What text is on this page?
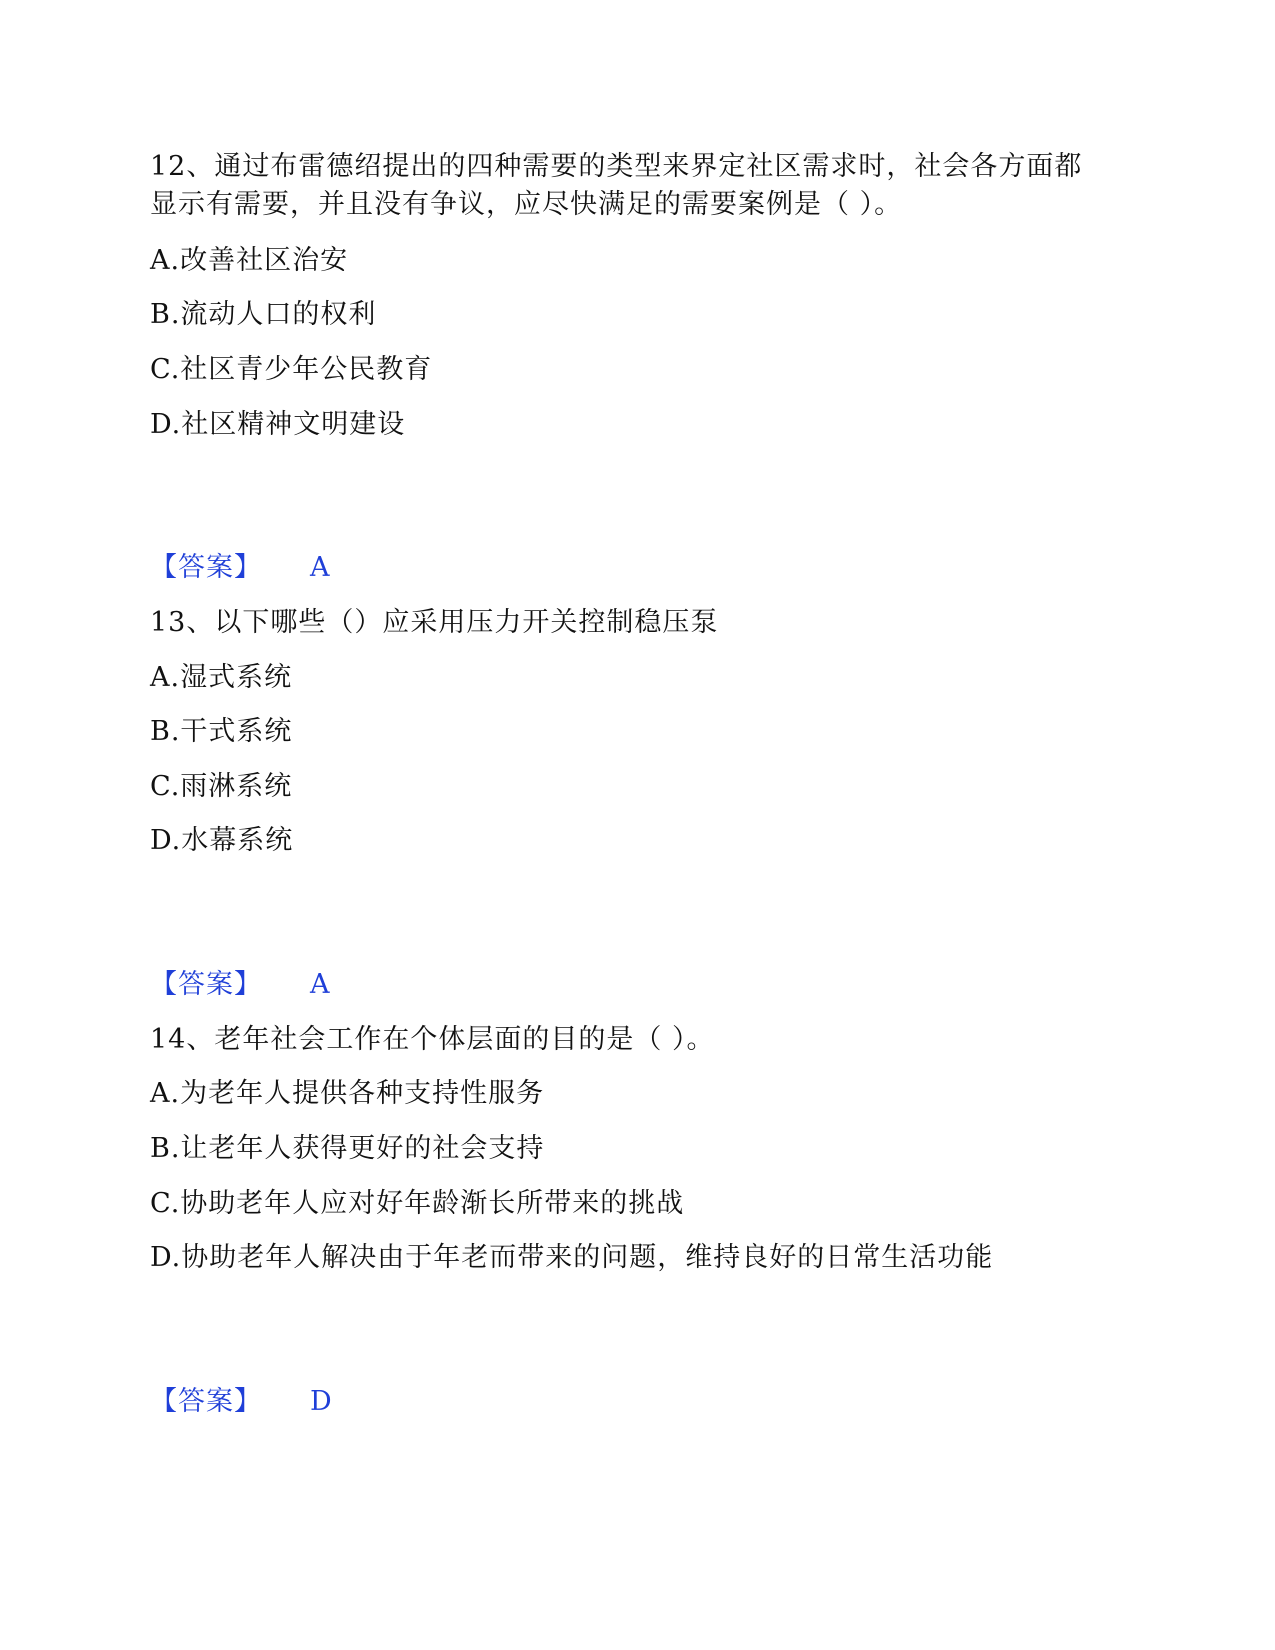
12、通过布雷德绍提出的四种需要的类型来界定社区需求时，社会各方面都
显示有需要，并且没有争议，应尽快满足的需要案例是（ ）。
A.改善社区治安
B.流动人口的权利
C.社区青少年公民教育
D.社区精神文明建设
【答案】 A
13、以下哪些（）应采用压力开关控制稳压泵
A.湿式系统
B.干式系统
C.雨淋系统
D.水幕系统
【答案】 A
14、老年社会工作在个体层面的目的是（ ）。
A.为老年人提供各种支持性服务
B.让老年人获得更好的社会支持
C.协助老年人应对好年龄渐长所带来的挑战
D.协助老年人解决由于年老而带来的问题，维持良好的日常生活功能
【答案】 D
